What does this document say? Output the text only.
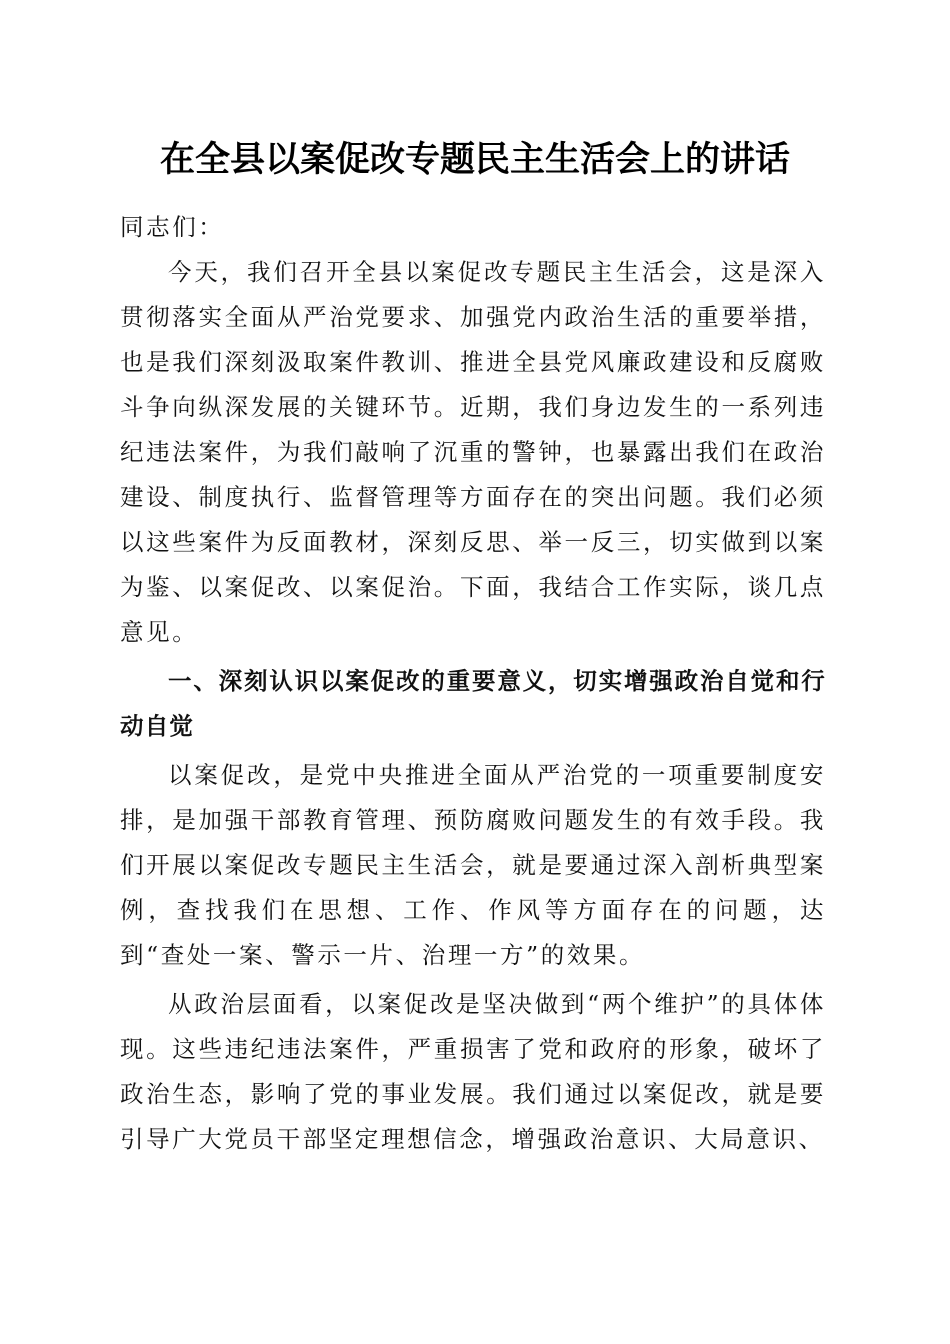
在全县以案促改专题民主生活会上的讲话

同志们：

今天，我们召开全县以案促改专题民主生活会，这是深入贯彻落实全面从严治党要求、加强党内政治生活的重要举措，也是我们深刻汲取案件教训、推进全县党风廉政建设和反腐败斗争向纵深发展的关键环节。近期，我们身边发生的一系列违纪违法案件，为我们敲响了沉重的警钟，也暴露出我们在政治建设、制度执行、监督管理等方面存在的突出问题。我们必须以这些案件为反面教材，深刻反思、举一反三，切实做到以案为鉴、以案促改、以案促治。下面，我结合工作实际，谈几点意见。

一、深刻认识以案促改的重要意义，切实增强政治自觉和行动自觉

以案促改，是党中央推进全面从严治党的一项重要制度安排，是加强干部教育管理、预防腐败问题发生的有效手段。我们开展以案促改专题民主生活会，就是要通过深入剖析典型案例，查找我们在思想、工作、作风等方面存在的问题，达到“查处一案、警示一片、治理一方”的效果。

从政治层面看，以案促改是坚决做到“两个维护”的具体体现。这些违纪违法案件，严重损害了党和政府的形象，破坏了政治生态，影响了党的事业发展。我们通过以案促改，就是要引导广大党员干部坚定理想信念，增强政治意识、大局意识、
